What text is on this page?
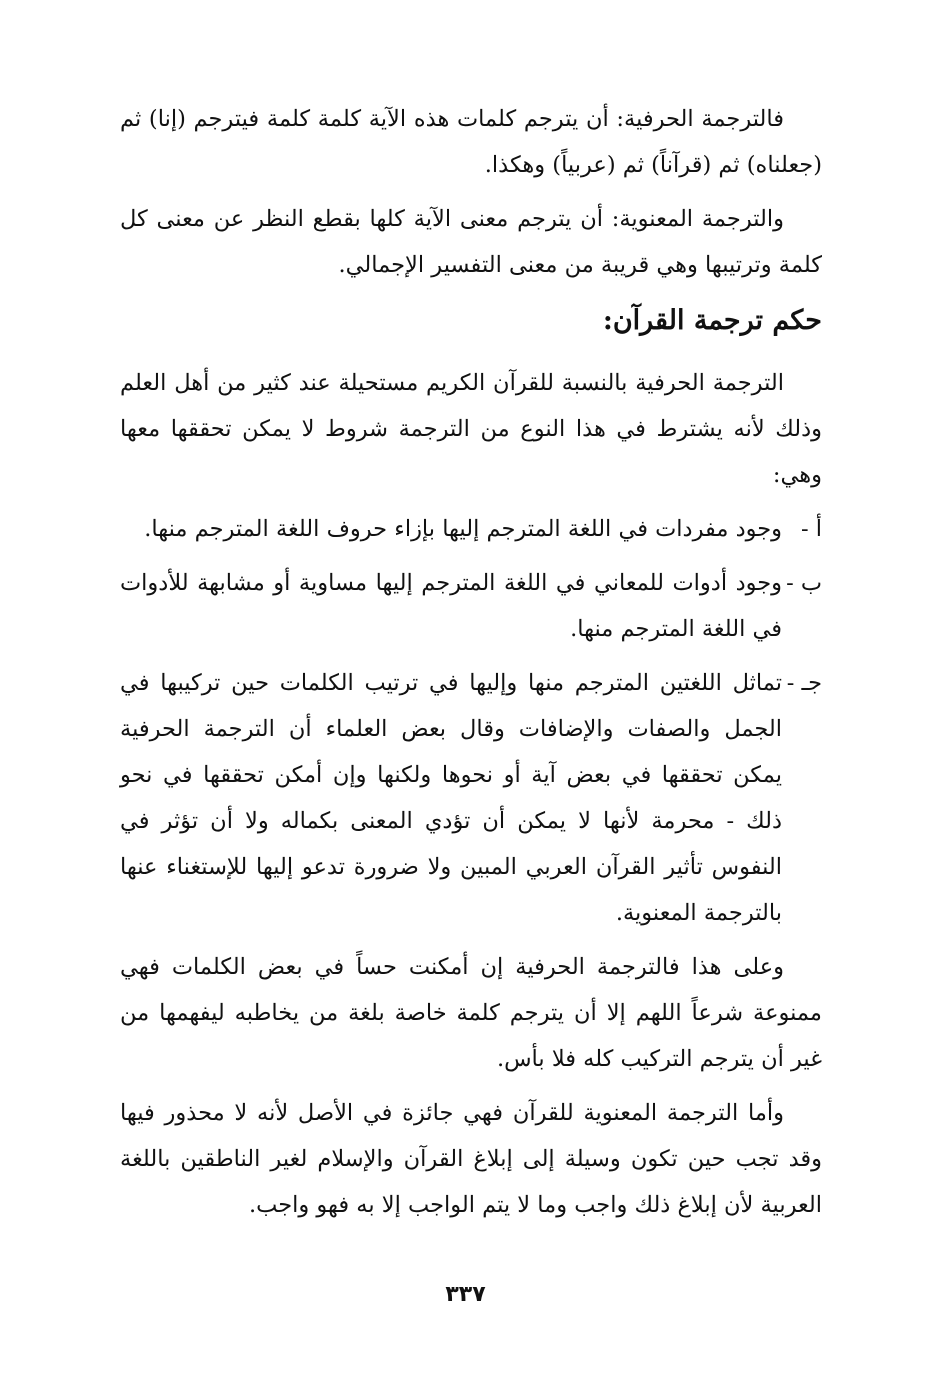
فالترجمة الحرفية: أن يترجم كلمات هذه الآية كلمة كلمة فيترجم (إنا) ثم (جعلناه) ثم (قرآناً) ثم (عربياً) وهكذا.

والترجمة المعنوية: أن يترجم معنى الآية كلها بقطع النظر عن معنى كل كلمة وترتيبها وهي قريبة من معنى التفسير الإجمالي.

حكم ترجمة القرآن:

الترجمة الحرفية بالنسبة للقرآن الكريم مستحيلة عند كثير من أهل العلم وذلك لأنه يشترط في هذا النوع من الترجمة شروط لا يمكن تحققها معها وهي:

أ -
وجود مفردات في اللغة المترجم إليها بإزاء حروف اللغة المترجم منها.
ب -
وجود أدوات للمعاني في اللغة المترجم إليها مساوية أو مشابهة للأدوات في اللغة المترجم منها.
جـ -
تماثل اللغتين المترجم منها وإليها في ترتيب الكلمات حين تركيبها في الجمل والصفات والإضافات وقال بعض العلماء أن الترجمة الحرفية يمكن تحققها في بعض آية أو نحوها ولكنها وإن أمكن تحققها في نحو ذلك - محرمة لأنها لا يمكن أن تؤدي المعنى بكماله ولا أن تؤثر في النفوس تأثير القرآن العربي المبين ولا ضرورة تدعو إليها للإستغناء عنها بالترجمة المعنوية.

وعلى هذا فالترجمة الحرفية إن أمكنت حساً في بعض الكلمات فهي ممنوعة شرعاً اللهم إلا أن يترجم كلمة خاصة بلغة من يخاطبه ليفهمها من غير أن يترجم التركيب كله فلا بأس.

وأما الترجمة المعنوية للقرآن فهي جائزة في الأصل لأنه لا محذور فيها وقد تجب حين تكون وسيلة إلى إبلاغ القرآن والإسلام لغير الناطقين باللغة العربية لأن إبلاغ ذلك واجب وما لا يتم الواجب إلا به فهو واجب.

٣٣٧
